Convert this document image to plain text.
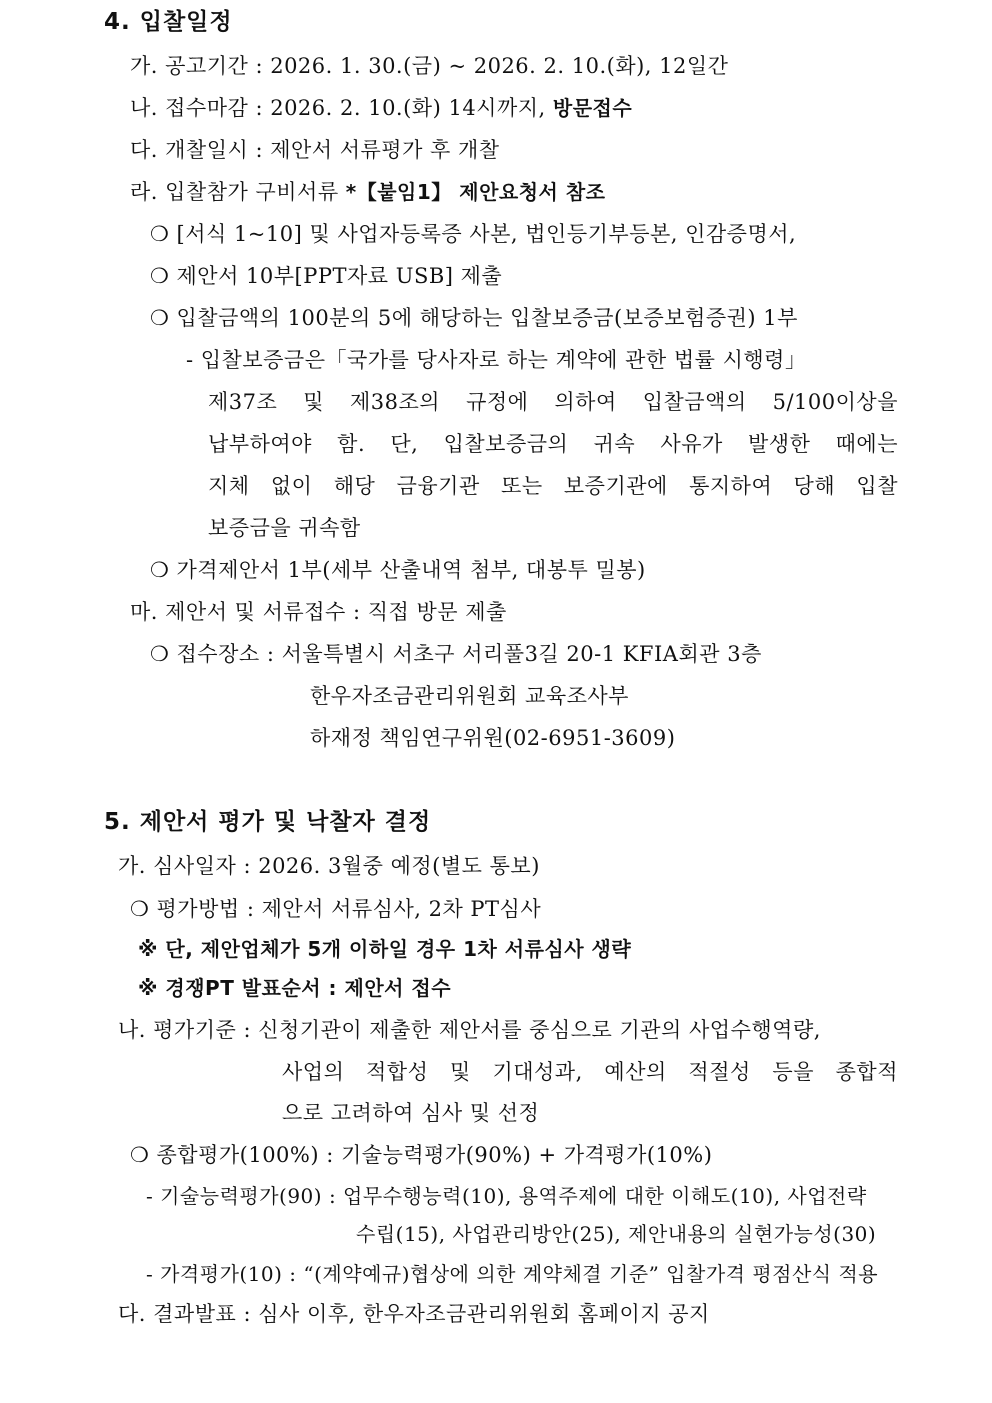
4. 입찰일정
가. 공고기간 : 2026. 1. 30.(금) ~ 2026. 2. 10.(화), 12일간
나. 접수마감 : 2026. 2. 10.(화) 14시까지, 방문접수
다. 개찰일시 : 제안서 서류평가 후 개찰
라. 입찰참가 구비서류 *【붙임1】 제안요청서 참조
❍ [서식 1~10] 및 사업자등록증 사본, 법인등기부등본, 인감증명서,
❍ 제안서 10부[PPT자료 USB] 제출
❍ 입찰금액의 100분의 5에 해당하는 입찰보증금(보증보험증권) 1부
- 입찰보증금은「국가를 당사자로 하는 계약에 관한 법률 시행령」
제37조 및 제38조의 규정에 의하여 입찰금액의 5/100이상을
납부하여야 함. 단, 입찰보증금의 귀속 사유가 발생한 때에는
지체 없이 해당 금융기관 또는 보증기관에 통지하여 당해 입찰
보증금을 귀속함
❍ 가격제안서 1부(세부 산출내역 첨부, 대봉투 밀봉)
마. 제안서 및 서류접수 : 직접 방문 제출
❍ 접수장소 : 서울특별시 서초구 서리풀3길 20-1 KFIA회관 3층
한우자조금관리위원회 교육조사부
하재정 책임연구위원(02-6951-3609)
5. 제안서 평가 및 낙찰자 결정
가. 심사일자 : 2026. 3월중 예정(별도 통보)
❍ 평가방법 : 제안서 서류심사, 2차 PT심사
※ 단, 제안업체가 5개 이하일 경우 1차 서류심사 생략
※ 경쟁PT 발표순서 : 제안서 접수
나. 평가기준 : 신청기관이 제출한 제안서를 중심으로 기관의 사업수행역량,
사업의 적합성 및 기대성과, 예산의 적절성 등을 종합적
으로 고려하여 심사 및 선정
❍ 종합평가(100%) : 기술능력평가(90%) + 가격평가(10%)
- 기술능력평가(90) : 업무수행능력(10), 용역주제에 대한 이해도(10), 사업전략
수립(15), 사업관리방안(25), 제안내용의 실현가능성(30)
- 가격평가(10) : “(계약예규)협상에 의한 계약체결 기준” 입찰가격 평점산식 적용
다. 결과발표 : 심사 이후, 한우자조금관리위원회 홈페이지 공지
